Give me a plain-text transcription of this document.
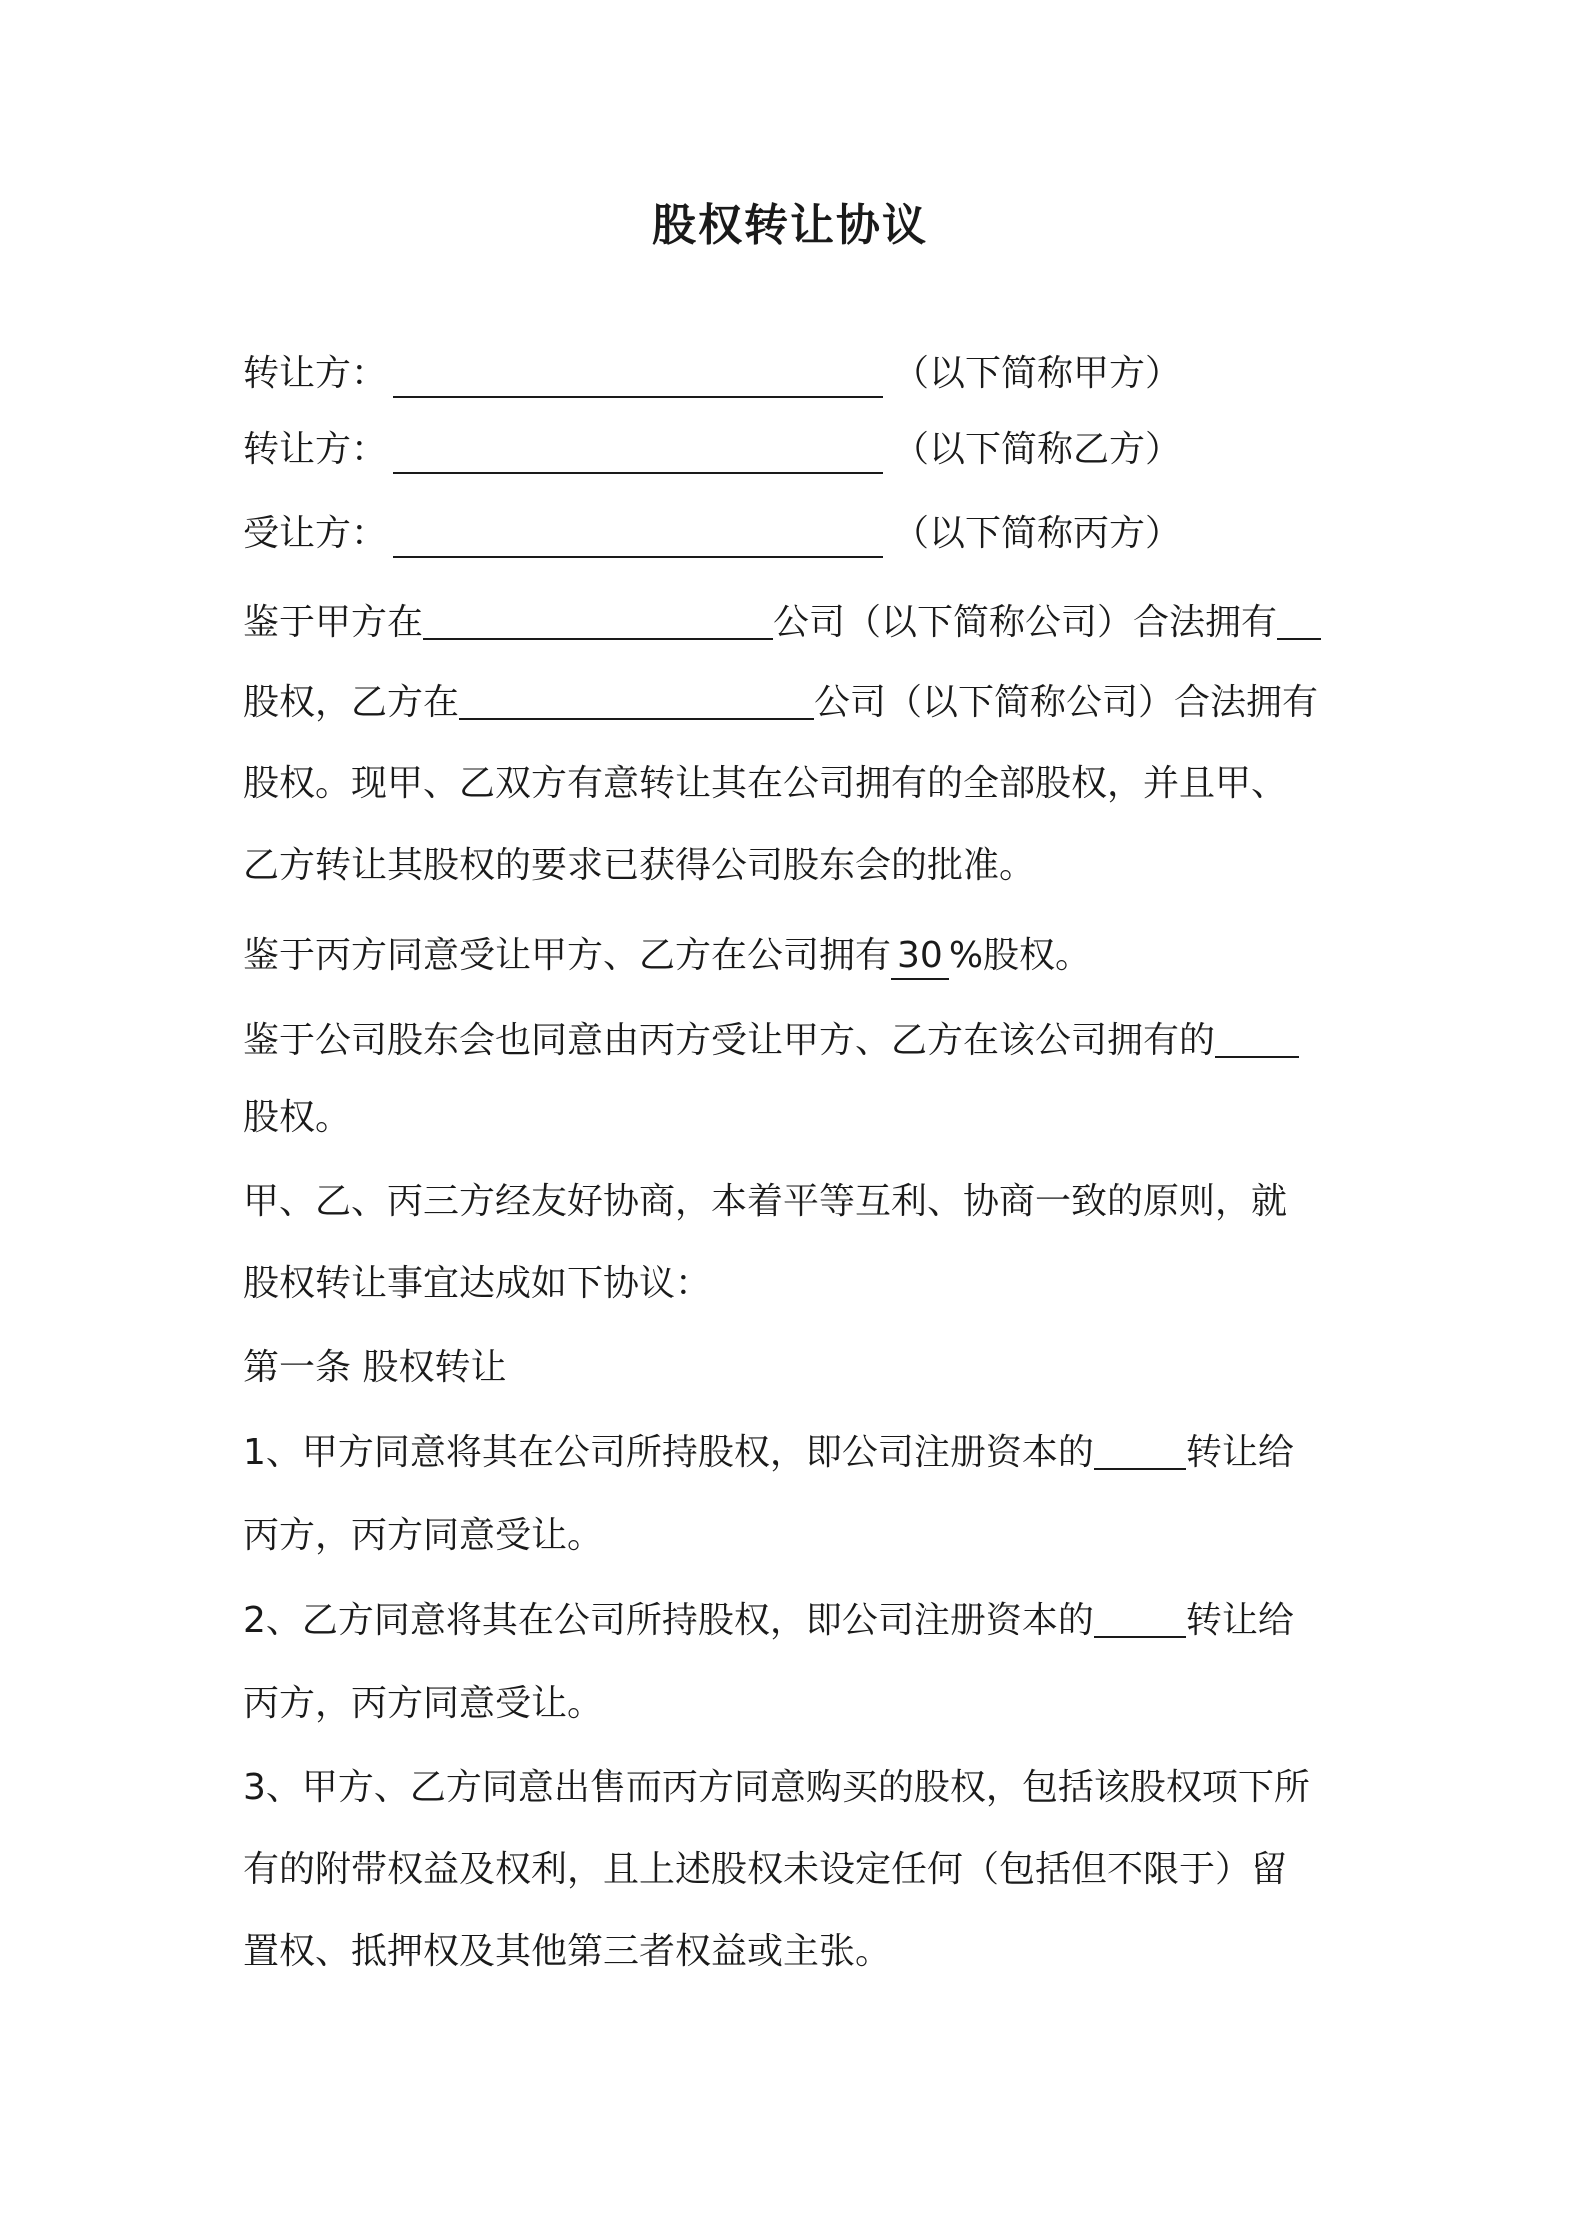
股权转让协议
转让方：	（以下简称甲方）
转让方：	（以下简称乙方）
受让方：	（以下简称丙方）
鉴于甲方在	公司（以下简称公司）合法拥有
股权，乙方在	公司（以下简称公司）合法拥有
股权。现甲、乙双方有意转让其在公司拥有的全部股权，并且甲、
乙方转让其股权的要求已获得公司股东会的批准。
鉴于丙方同意受让甲方、乙方在公司拥有 30 %股权。
鉴于公司股东会也同意由丙方受让甲方、乙方在该公司拥有的
股权。
甲、乙、丙三方经友好协商，本着平等互利、协商一致的原则，就
股权转让事宜达成如下协议：
第一条 股权转让
1、甲方同意将其在公司所持股权，即公司注册资本的	转让给
丙方，丙方同意受让。
2、乙方同意将其在公司所持股权，即公司注册资本的	转让给
丙方，丙方同意受让。
3、甲方、乙方同意出售而丙方同意购买的股权，包括该股权项下所
有的附带权益及权利，且上述股权未设定任何（包括但不限于）留
置权、抵押权及其他第三者权益或主张。
